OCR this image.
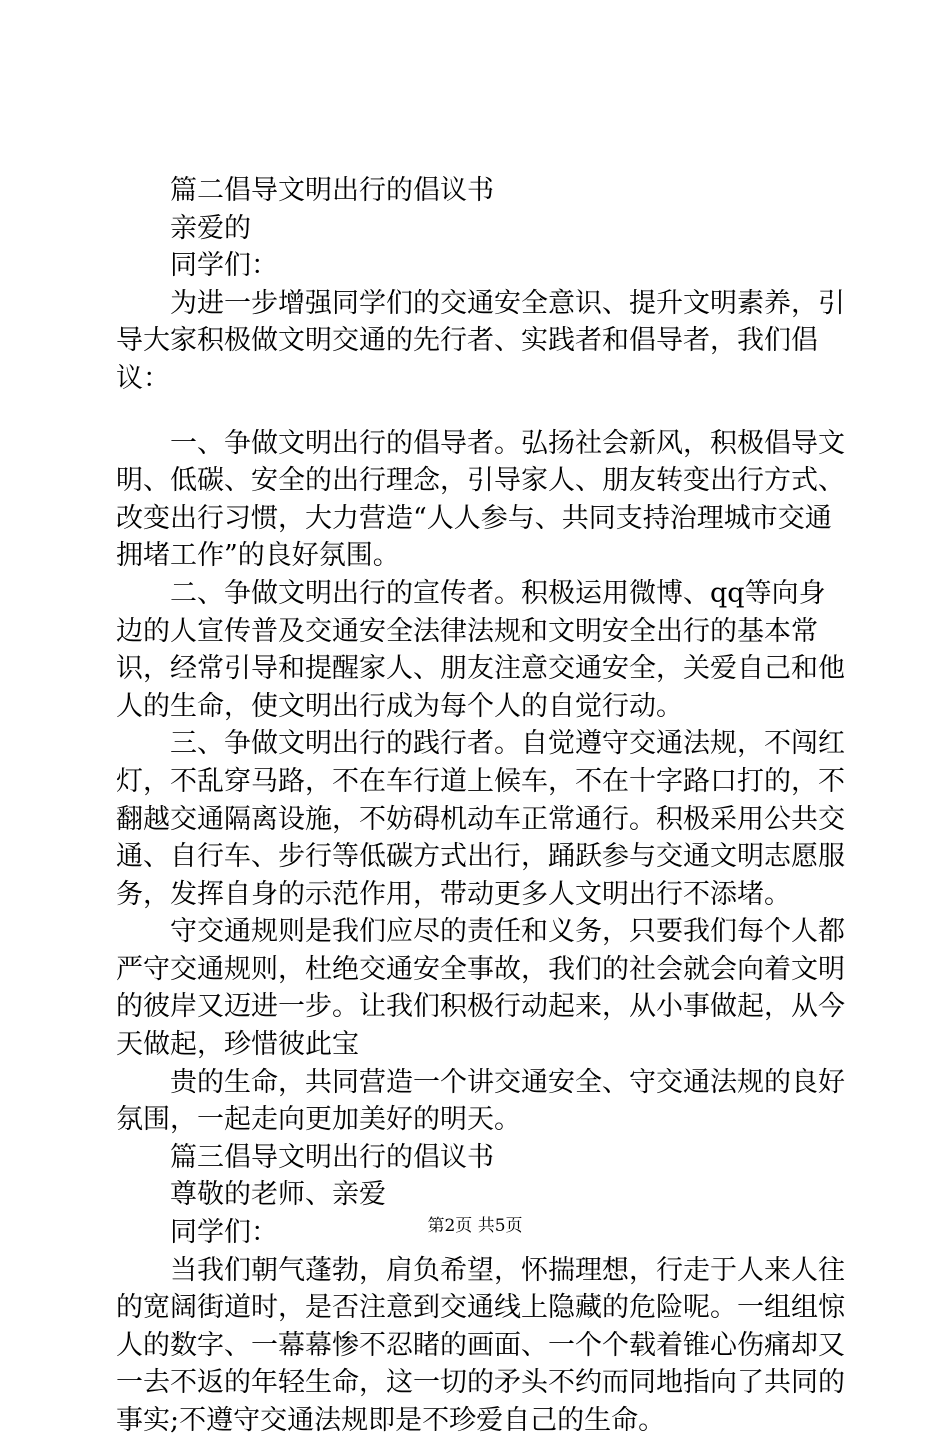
篇二倡导文明出行的倡议书

亲爱的

同学们：

为进一步增强同学们的交通安全意识、提升文明素养，引导大家积极做文明交通的先行者、实践者和倡导者，我们倡议：

一、争做文明出行的倡导者。弘扬社会新风，积极倡导文明、低碳、安全的出行理念，引导家人、朋友转变出行方式、改变出行习惯，大力营造“人人参与、共同支持治理城市交通拥堵工作”的良好氛围。

二、争做文明出行的宣传者。积极运用微博、qq等向身边的人宣传普及交通安全法律法规和文明安全出行的基本常识，经常引导和提醒家人、朋友注意交通安全，关爱自己和他人的生命，使文明出行成为每个人的自觉行动。

三、争做文明出行的践行者。自觉遵守交通法规，不闯红灯，不乱穿马路，不在车行道上候车，不在十字路口打的，不翻越交通隔离设施，不妨碍机动车正常通行。积极采用公共交通、自行车、步行等低碳方式出行，踊跃参与交通文明志愿服务，发挥自身的示范作用，带动更多人文明出行不添堵。

守交通规则是我们应尽的责任和义务，只要我们每个人都严守交通规则，杜绝交通安全事故，我们的社会就会向着文明的彼岸又迈进一步。让我们积极行动起来，从小事做起，从今天做起，珍惜彼此宝

贵的生命，共同营造一个讲交通安全、守交通法规的良好氛围，一起走向更加美好的明天。

篇三倡导文明出行的倡议书

尊敬的老师、亲爱

同学们：

当我们朝气蓬勃，肩负希望，怀揣理想，行走于人来人往的宽阔街道时，是否注意到交通线上隐藏的危险呢。一组组惊人的数字、一幕幕惨不忍睹的画面、一个个载着锥心伤痛却又一去不返的年轻生命，这一切的矛头不约而同地指向了共同的事实;不遵守交通法规即是不珍爱自己的生命。

第2页 共5页
